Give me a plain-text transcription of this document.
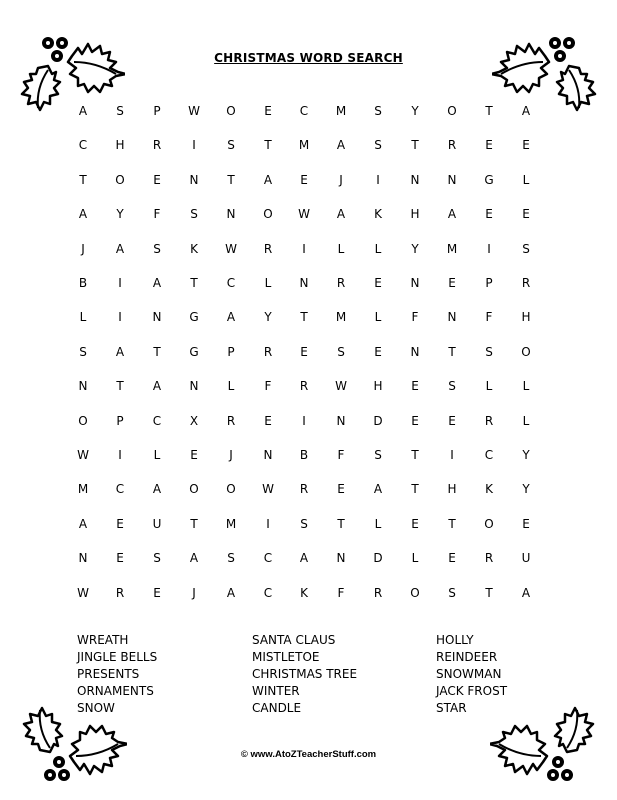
CHRISTMAS WORD SEARCH
A	S	P	W	O	E	C	M	S	Y	O	T	A
C	H	R	I	S	T	M	A	S	T	R	E	E
T	O	E	N	T	A	E	J	I	N	N	G	L
A	Y	F	S	N	O	W	A	K	H	A	E	E
J	A	S	K	W	R	I	L	L	Y	M	I	S
B	I	A	T	C	L	N	R	E	N	E	P	R
L	I	N	G	A	Y	T	M	L	F	N	F	H
S	A	T	G	P	R	E	S	E	N	T	S	O
N	T	A	N	L	F	R	W	H	E	S	L	L
O	P	C	X	R	E	I	N	D	E	E	R	L
W	I	L	E	J	N	B	F	S	T	I	C	Y
M	C	A	O	O	W	R	E	A	T	H	K	Y
A	E	U	T	M	I	S	T	L	E	T	O	E
N	E	S	A	S	C	A	N	D	L	E	R	U
W	R	E	J	A	C	K	F	R	O	S	T	A
WREATH
JINGLE BELLS
PRESENTS
ORNAMENTS
SNOW
SANTA CLAUS
MISTLETOE
CHRISTMAS TREE
WINTER
CANDLE
HOLLY
REINDEER
SNOWMAN
JACK FROST
STAR
© www.AtoZTeacherStuff.com
